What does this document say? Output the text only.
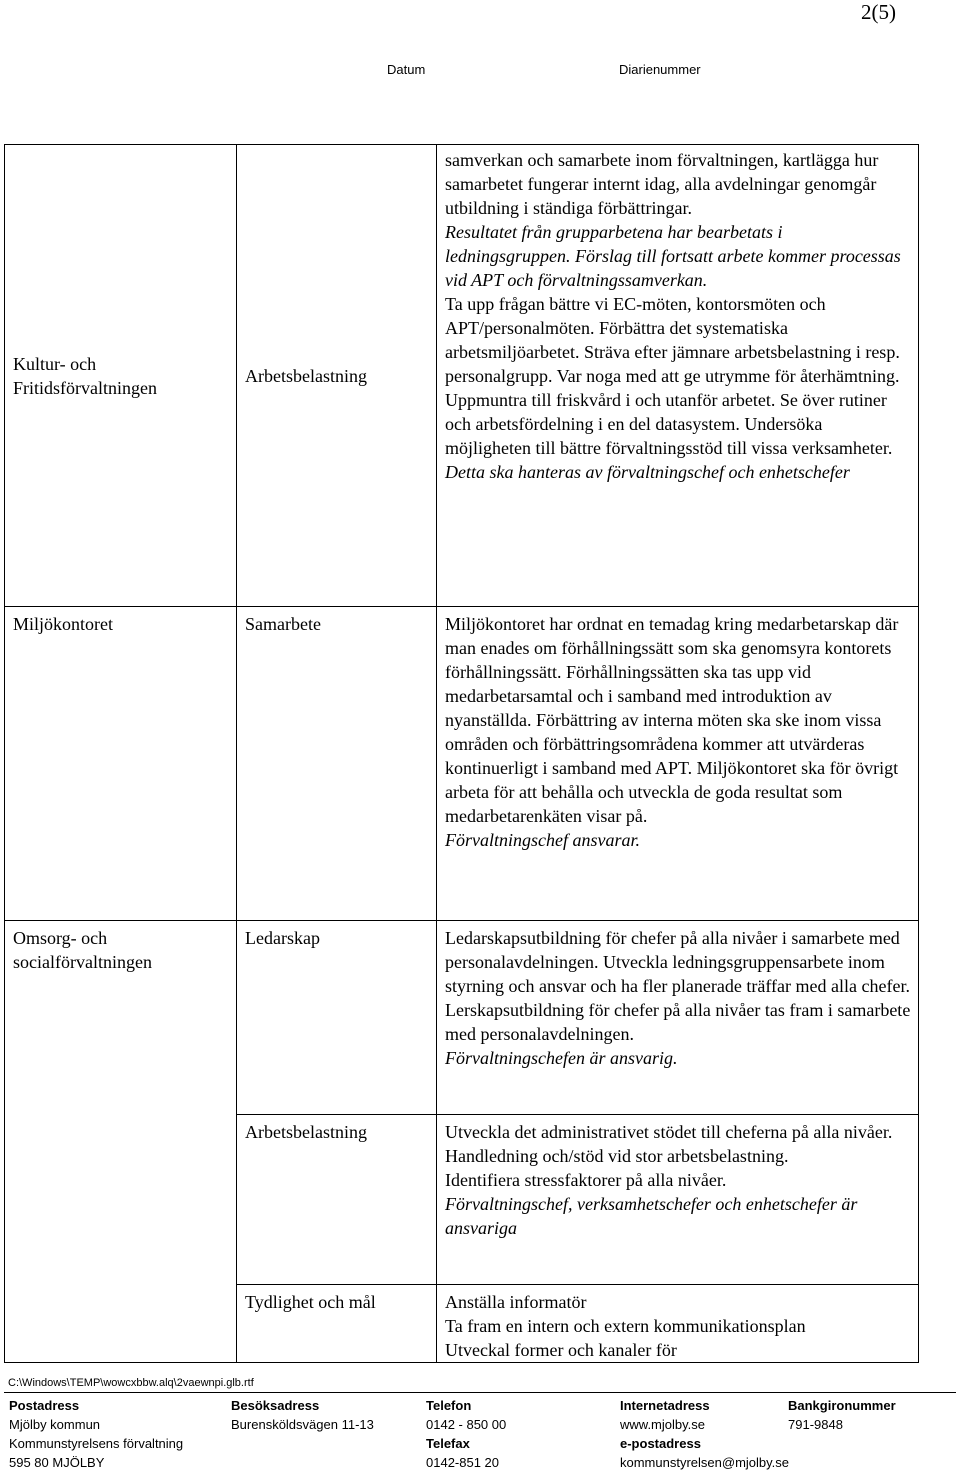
2(5)
Datum	Diarienummer
Kultur- och Fritidsförvaltningen	Arbetsbelastning	samverkan och samarbete inom förvaltningen, kartlägga hur samarbetet fungerar internt idag, alla avdelningar genomgår utbildning i ständiga förbättringar.
Resultatet från grupparbetena har bearbetats i ledningsgruppen. Förslag till fortsatt arbete kommer processas vid APT och förvaltningssamverkan.
Ta upp frågan bättre vi EC-möten, kontorsmöten och APT/personalmöten. Förbättra det systematiska arbetsmiljöarbetet. Sträva efter jämnare arbetsbelastning i resp. personalgrupp. Var noga med att ge utrymme för återhämtning. Uppmuntra till friskvård i och utanför arbetet. Se över rutiner och arbetsfördelning i en del datasystem. Undersöka möjligheten till bättre förvaltningsstöd till vissa verksamheter.
Detta ska hanteras av förvaltningschef och enhetschefer

Miljökontoret	Samarbete	Miljökontoret har ordnat en temadag kring medarbetarskap där man enades om förhållningssätt som ska genomsyra kontorets förhållningssätt. Förhållningssätten ska tas upp vid medarbetarsamtal och i samband med introduktion av nyanställda. Förbättring av interna möten ska ske inom vissa områden och förbättringsområdena kommer att utvärderas kontinuerligt i samband med APT. Miljökontoret ska för övrigt arbeta för att behålla och utveckla de goda resultat som medarbetarenkäten visar på.
Förvaltningschef ansvarar.

Omsorg- och socialförvaltningen	Ledarskap	Ledarskapsutbildning för chefer på alla nivåer i samarbete med personalavdelningen. Utveckla ledningsgruppensarbete inom styrning och ansvar och ha fler planerade träffar med alla chefer. Lerskapsutbildning för chefer på alla nivåer tas fram i samarbete med personalavdelningen.
Förvaltningschefen är ansvarig.

	Arbetsbelastning	Utveckla det administrativet stödet till cheferna på alla nivåer.
Handledning och/stöd vid stor arbetsbelastning.
Identifiera stressfaktorer på alla nivåer.
Förvaltningschef, verksamhetschefer och enhetschefer är ansvariga

	Tydlighet och mål	Anställa informatör
Ta fram en intern och extern kommunikationsplan
Utveckal former och kanaler för
C:\Windows\TEMP\wowcxbbw.alq\2vaewnpi.glb.rtf
Postadress
Mjölby kommun
Kommunstyrelsens förvaltning
595 80 MJÖLBY
Besöksadress
Burensköldsvägen 11-13
Telefon
0142 - 850 00
Telefax
0142-851 20
Internetadress
www.mjolby.se
e-postadress
kommunstyrelsen@mjolby.se
Bankgironummer
791-9848
